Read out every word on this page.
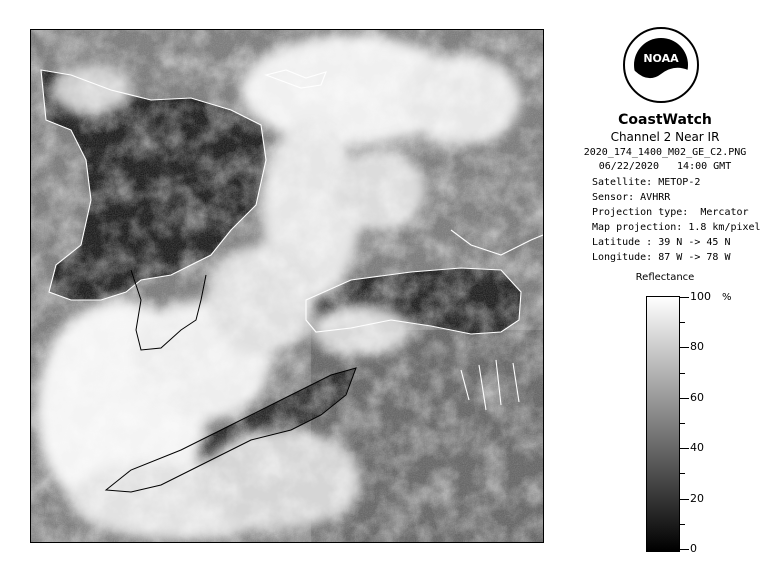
NOAA
CoastWatch
Channel 2 Near IR
2020_174_1400_M02_GE_C2.PNG
06/22/2020   14:00 GMT
Satellite: METOP-2
Sensor: AVHRR
Projection type:  Mercator
Map projection: 1.8 km/pixel
Latitude : 39 N -> 45 N
Longitude: 87 W -> 78 W
Reflectance
%
100
80
60
40
20
0
